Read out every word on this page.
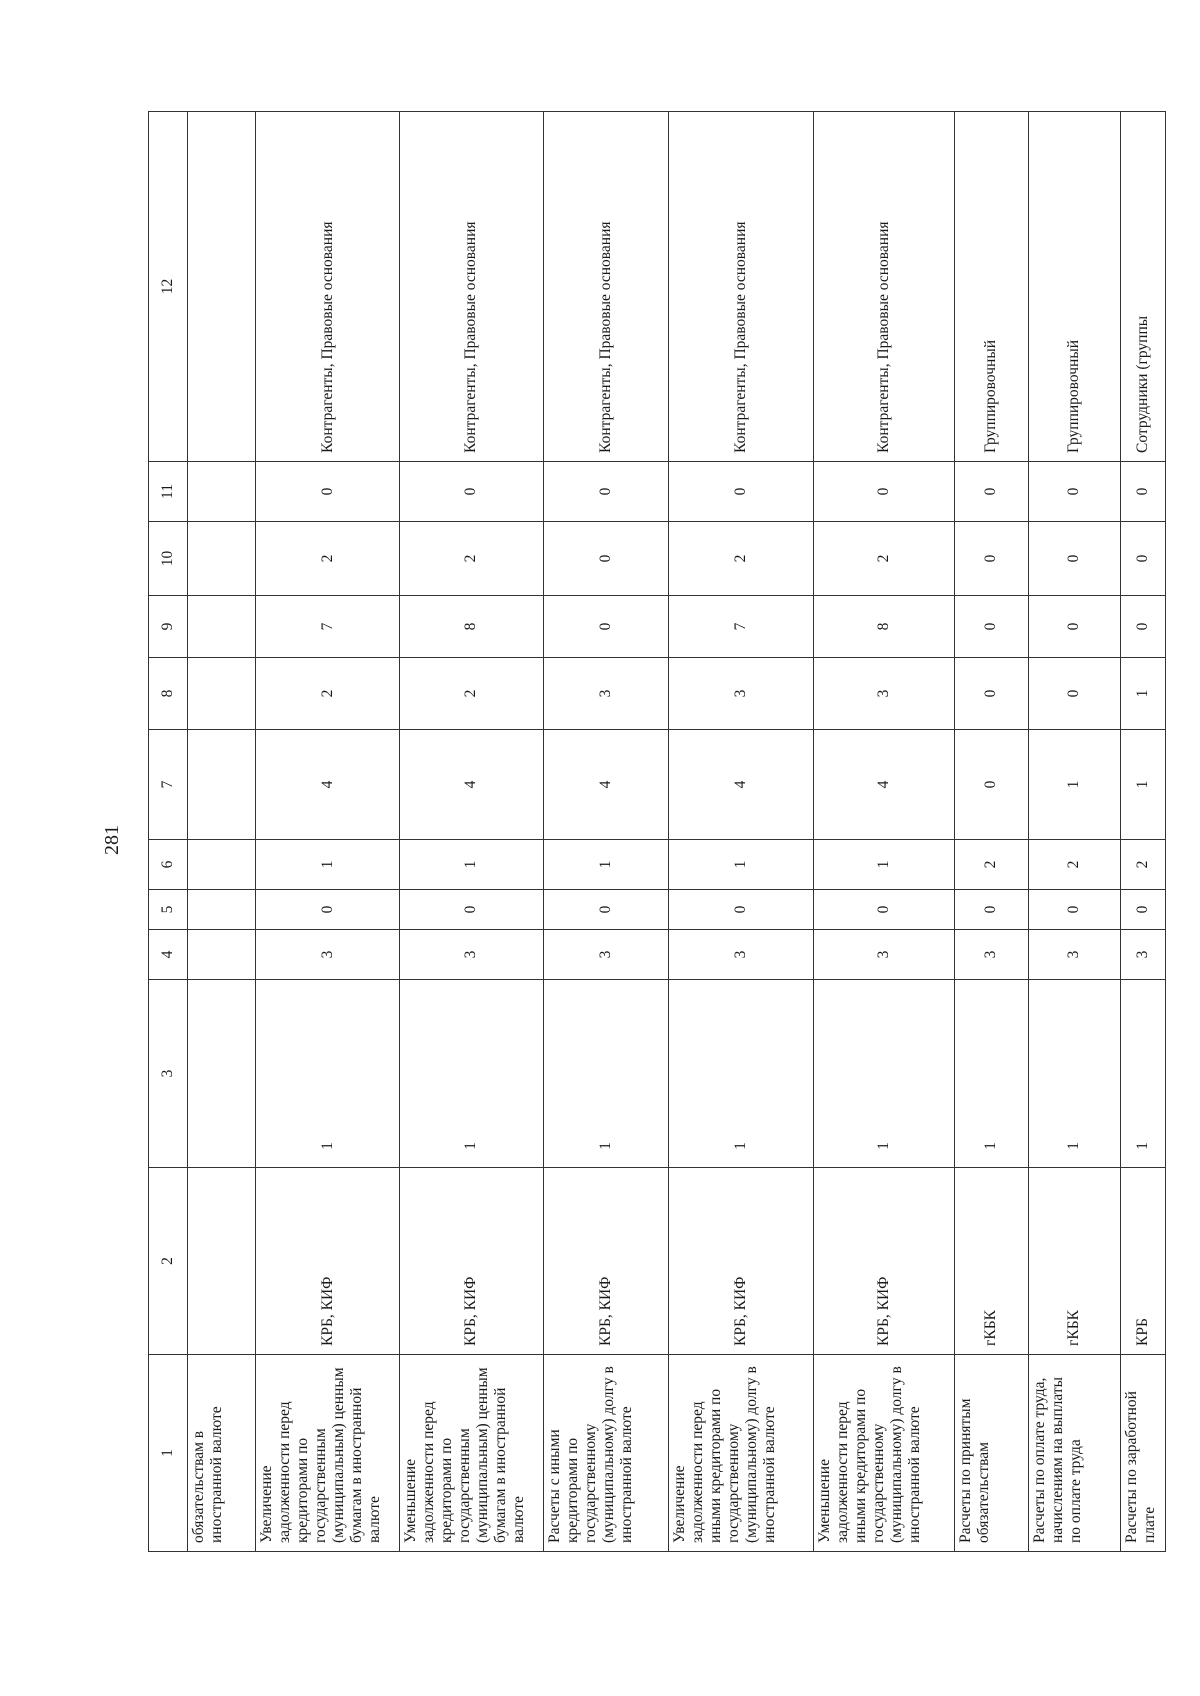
281
1	2	3	4	5	6	7	8	9	10	11	12
обязательствам в иностранной валюте		

Увеличение задолженности перед кредиторами по государственным (муниципальным) ценным бумагам в иностранной валюте	КРБ, КИФ	1	3	0	1	4	2	7	2	0	Контрагенты, Правовые основания
Уменьшение задолженности перед кредиторами по государственным (муниципальным) ценным бумагам в иностранной валюте	КРБ, КИФ	1	3	0	1	4	2	8	2	0	Контрагенты, Правовые основания
Расчеты с иными кредиторами по государственному (муниципальному) долгу в иностранной валюте	КРБ, КИФ	1	3	0	1	4	3	0	0	0	Контрагенты, Правовые основания
Увеличение задолженности перед иными кредиторами по государственному (муниципальному) долгу в иностранной валюте	КРБ, КИФ	1	3	0	1	4	3	7	2	0	Контрагенты, Правовые основания
Уменьшение задолженности перед иными кредиторами по государственному (муниципальному) долгу в иностранной валюте	КРБ, КИФ	1	3	0	1	4	3	8	2	0	Контрагенты, Правовые основания
Расчеты по принятым обязательствам	гКБК	1	3	0	2	0	0	0	0	0	Группировочный
Расчеты по оплате труда, начислениям на выплаты по оплате труда	гКБК	1	3	0	2	1	0	0	0	0	Группировочный
Расчеты по заработной плате	КРБ	1	3	0	2	1	1	0	0	0	Сотрудники (группы
